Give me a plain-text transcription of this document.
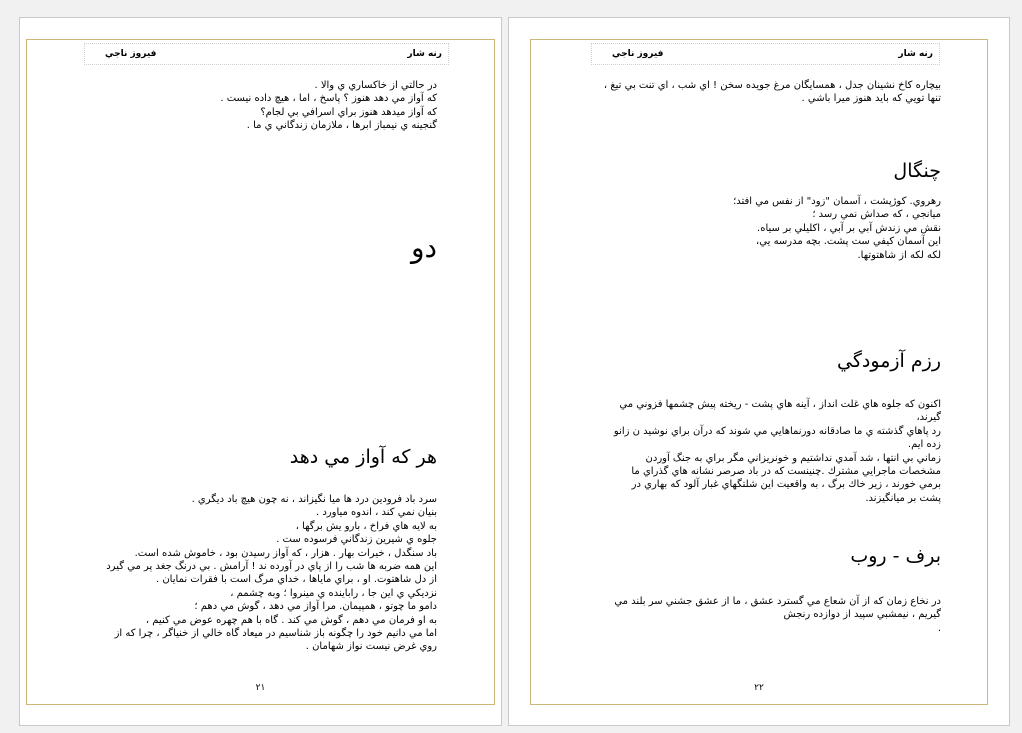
رنه شار
فيروز ناجي
در حالتي از خاكساري ي والا .
كه آواز مي دهد هنوز ؟ پاسخ ، اما ، هيچ داده نيست .
كه آواز ميدهد هنوز براي اسرافي بي لجام؟
گنجينه ي نيمباز ابرها ، ملازمان زندگاني ي ما .
دو
هر كه آواز مي دهد
سرد باد فرودين درد ها ميا نگيزاند ، نه چون هيچ باد ديگري .
بنيان نمي كند ، اندوه مياورد .
به لايه هاي فراخ ، بارو يش برگها ،
جلوه ي شيرين زندگاني فرسوده ست .
باد سنگدل ، خيرات بهار . هزار ، كه آواز رسيدن بود ، خاموش شده است.
اين همه ضربه ها شب را از پاي در آورده ند ! آرامش . بي درنگ جغد پر مي گيرد
از دل شاهتوت. او ، براي ماياها ، خداي مرگ است با فقرات نمايان .
نزديكي ي اين جا ، راباينده ي مينروا ؛ وبه چشمم ،
دامو ما چوتو ، همپيمان. مرا آواز مي دهد ، گوش مي دهم ؛
به او فرمان مي دهم ، گوش مي كند . گاه با هم چهره عوض مي كنيم ،
اما مي دانيم خود را چگونه باز شناسيم در ميعاد گاه خالي از خنياگر ، چرا كه از
روي غرض نيست نواز شهامان .
٢١
رنه شار
فيروز ناجي
بيچاره كاخ نشينان جدل ، همسايگان مرغ جويده سخن ! اي شب ، اي تنت بي تيغ ،
تنها تويي كه بايد هنوز ميرا باشي .
چنگال
رهروي. كوژپشت ، آسمان "زود" از نفس مي افتد؛
ميانجي ، كه صداش نمي رسد ؛
نقش مي زندش آبي بر آبي ، اكليلي بر سياه.
اين آسمان كيفي ست پشت. بچه مدرسه يي،
لكه لكه از شاهتوتها.
رزم آزمودگي
اكنون كه جلوه هاي غلت انداز ، آينه هاي پشت - ريخته پيش چشمها فزوني مي
گيرند،
رد پاهاي گذشته ي ما صادقانه دورنماهايي مي شوند كه درآن براي نوشيد ن زانو
زده ايم.
زماني بي انتها ، شد آمدي نداشتيم و خونريزاني مگر براي به جنگ آوردن
مشخصات ماجرايي مشترك .چنينست كه در باد صرصر نشانه هاي گذراي ما
برمي خورند ، زير خاك برگ ، به واقعيت اين شلتگهاي غبار آلود كه بهاري در
پشت بر ميانگيزند.
برف - روب
در نخاع زمان كه از آن شعاع مي گسترد عشق ، ما از عشق جشني سر بلند مي
گيريم ، نيمشبي سپيد از دوازده رنجش
.
٢٢
